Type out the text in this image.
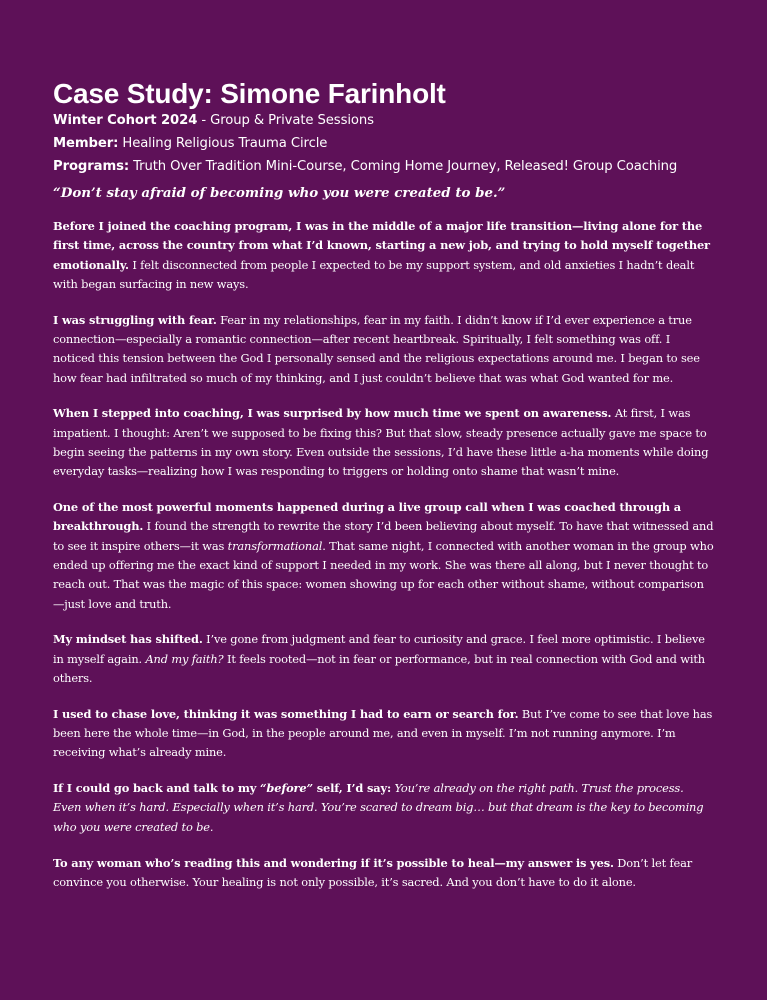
Case Study: Simone Farinholt
Winter Cohort 2024 - Group & Private Sessions
Member: Healing Religious Trauma Circle
Programs: Truth Over Tradition Mini-Course, Coming Home Journey, Released! Group Coaching
“Don’t stay afraid of becoming who you were created to be.”

Before I joined the coaching program, I was in the middle of a major life transition—living alone for the first time, across the country from what I’d known, starting a new job, and trying to hold myself together emotionally. I felt disconnected from people I expected to be my support system, and old anxieties I hadn’t dealt with began surfacing in new ways.

I was struggling with fear. Fear in my relationships, fear in my faith. I didn’t know if I’d ever experience a true connection—especially a romantic connection—after recent heartbreak. Spiritually, I felt something was off. I noticed this tension between the God I personally sensed and the religious expectations around me. I began to see how fear had infiltrated so much of my thinking, and I just couldn’t believe that was what God wanted for me.

When I stepped into coaching, I was surprised by how much time we spent on awareness. At first, I was impatient. I thought: Aren’t we supposed to be fixing this? But that slow, steady presence actually gave me space to begin seeing the patterns in my own story. Even outside the sessions, I’d have these little a-ha moments while doing everyday tasks—realizing how I was responding to triggers or holding onto shame that wasn’t mine.

One of the most powerful moments happened during a live group call when I was coached through a breakthrough. I found the strength to rewrite the story I’d been believing about myself. To have that witnessed and to see it inspire others—it was transformational. That same night, I connected with another woman in the group who ended up offering me the exact kind of support I needed in my work. She was there all along, but I never thought to reach out. That was the magic of this space: women showing up for each other without shame, without comparison—just love and truth.

My mindset has shifted. I’ve gone from judgment and fear to curiosity and grace. I feel more optimistic. I believe in myself again. And my faith? It feels rooted—not in fear or performance, but in real connection with God and with others.

I used to chase love, thinking it was something I had to earn or search for. But I’ve come to see that love has been here the whole time—in God, in the people around me, and even in myself. I’m not running anymore. I’m receiving what’s already mine.

If I could go back and talk to my “before” self, I’d say: You’re already on the right path. Trust the process. Even when it’s hard. Especially when it’s hard. You’re scared to dream big… but that dream is the key to becoming who you were created to be.

To any woman who’s reading this and wondering if it’s possible to heal—my answer is yes. Don’t let fear convince you otherwise. Your healing is not only possible, it’s sacred. And you don’t have to do it alone.
